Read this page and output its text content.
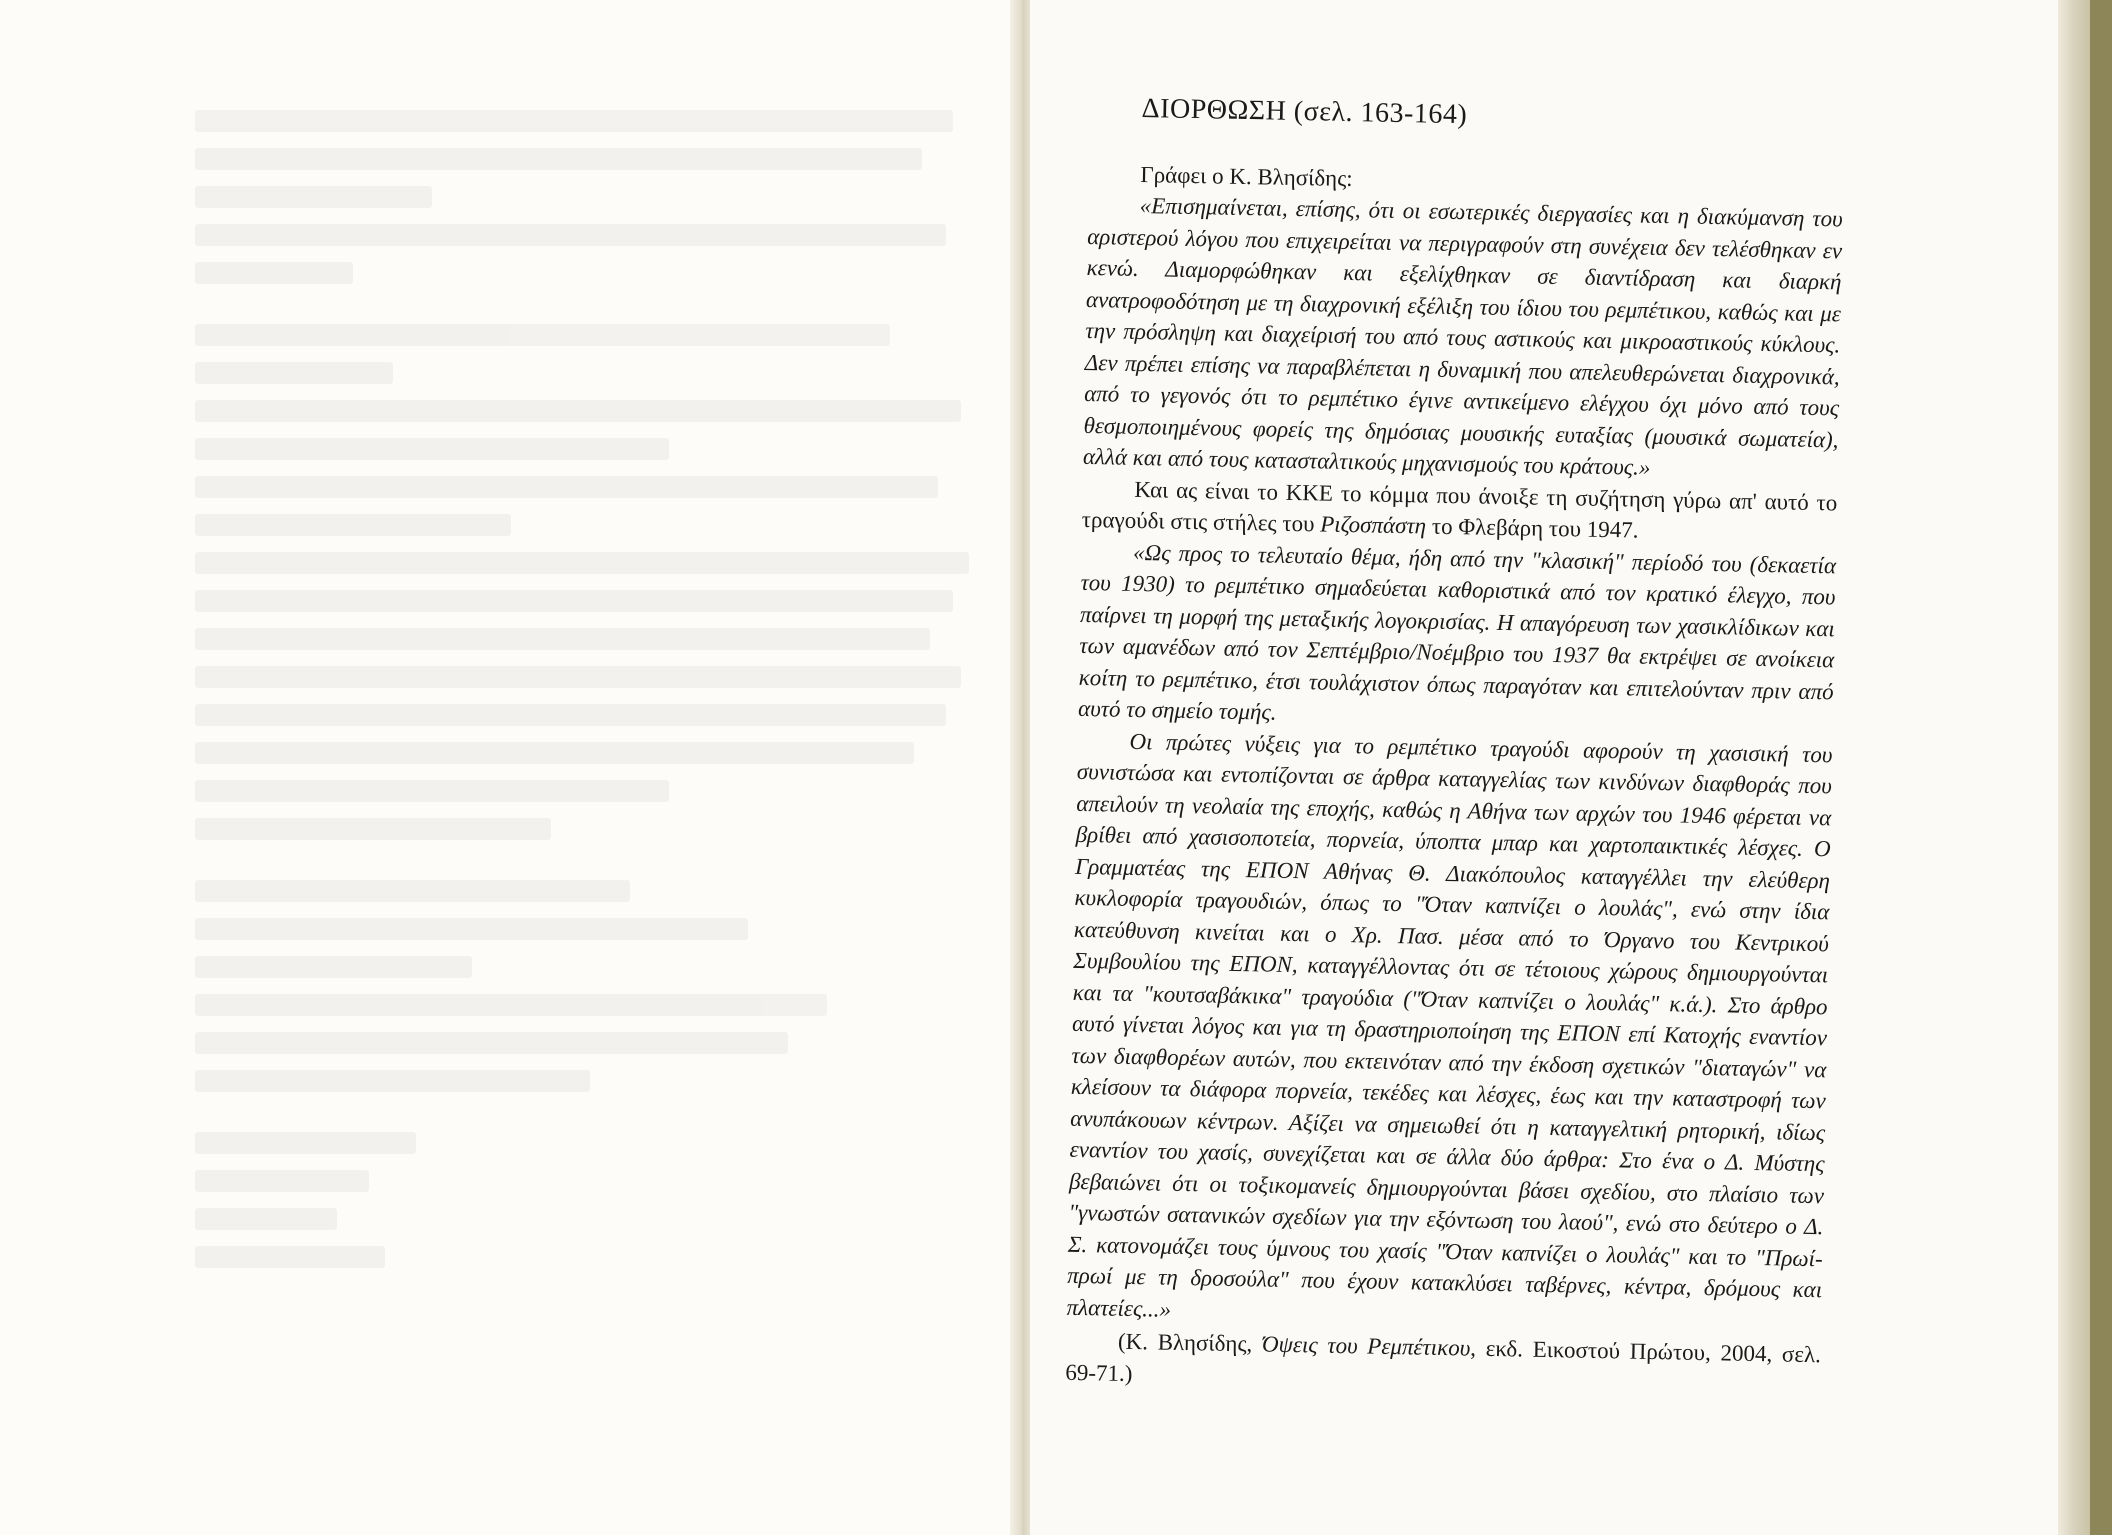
ΔΙΟΡΘΩΣΗ (σελ. 163-164)

Γράφει ο Κ. Βλησίδης:

«Επισημαίνεται, επίσης, ότι οι εσωτερικές διεργασίες και η διακύμανση του αριστερού λόγου που επιχειρείται να περιγραφούν στη συνέχεια δεν τελέσθηκαν εν κενώ. Διαμορφώθηκαν και εξελίχθηκαν σε διαντίδραση και διαρκή ανατροφοδότηση με τη διαχρονική εξέλιξη του ίδιου του ρεμπέτικου, καθώς και με την πρόσληψη και διαχείρισή του από τους αστικούς και μικροαστικούς κύκλους. Δεν πρέπει επίσης να παραβλέπεται η δυναμική που απελευθερώνεται διαχρονικά, από το γεγονός ότι το ρεμπέτικο έγινε αντικείμενο ελέγχου όχι μόνο από τους θεσμοποιημένους φορείς της δημόσιας μουσικής ευταξίας (μουσικά σωματεία), αλλά και από τους κατασταλτικούς μηχανισμούς του κράτους.»

Και ας είναι το ΚΚΕ το κόμμα που άνοιξε τη συζήτηση γύρω απ' αυτό το τραγούδι στις στήλες του Ριζοσπάστη το Φλεβάρη του 1947.

«Ως προς το τελευταίο θέμα, ήδη από την "κλασική" περίοδό του (δεκαετία του 1930) το ρεμπέτικο σημαδεύεται καθοριστικά από τον κρατικό έλεγχο, που παίρνει τη μορφή της μεταξικής λογοκρισίας. Η απαγόρευση των χασικλίδικων και των αμανέδων από τον Σεπτέμβριο/Νοέμβριο του 1937 θα εκτρέψει σε ανοίκεια κοίτη το ρεμπέτικο, έτσι τουλάχιστον όπως παραγόταν και επιτελούνταν πριν από αυτό το σημείο τομής.

Οι πρώτες νύξεις για το ρεμπέτικο τραγούδι αφορούν τη χασισική του συνιστώσα και εντοπίζονται σε άρθρα καταγγελίας των κινδύνων διαφθοράς που απειλούν τη νεολαία της εποχής, καθώς η Αθήνα των αρχών του 1946 φέρεται να βρίθει από χασισοποτεία, πορνεία, ύποπτα μπαρ και χαρτοπαικτικές λέσχες. Ο Γραμματέας της ΕΠΟΝ Αθήνας Θ. Διακόπουλος καταγγέλλει την ελεύθερη κυκλοφορία τραγουδιών, όπως το "Όταν καπνίζει ο λουλάς", ενώ στην ίδια κατεύθυνση κινείται και ο Χρ. Πασ. μέσα από το Όργανο του Κεντρικού Συμβουλίου της ΕΠΟΝ, καταγγέλλοντας ότι σε τέτοιους χώρους δημιουργούνται και τα "κουτσαβάκικα" τραγούδια ("Όταν καπνίζει ο λουλάς" κ.ά.). Στο άρθρο αυτό γίνεται λόγος και για τη δραστηριοποίηση της ΕΠΟΝ επί Κατοχής εναντίον των διαφθορέων αυτών, που εκτεινόταν από την έκδοση σχετικών "διαταγών" να κλείσουν τα διάφορα πορνεία, τεκέδες και λέσχες, έως και την καταστροφή των ανυπάκουων κέντρων. Αξίζει να σημειωθεί ότι η καταγγελτική ρητορική, ιδίως εναντίον του χασίς, συνεχίζεται και σε άλλα δύο άρθρα: Στο ένα ο Δ. Μύστης βεβαιώνει ότι οι τοξικομανείς δημιουργούνται βάσει σχεδίου, στο πλαίσιο των "γνωστών σατανικών σχεδίων για την εξόντωση του λαού", ενώ στο δεύτερο ο Δ. Σ. κατονομάζει τους ύμνους του χασίς "Όταν καπνίζει ο λουλάς" και το "Πρωί-πρωί με τη δροσούλα" που έχουν κατακλύσει ταβέρνες, κέντρα, δρόμους και πλατείες...»

(Κ. Βλησίδης, Όψεις του Ρεμπέτικου, εκδ. Εικοστού Πρώτου, 2004, σελ. 69-71.)
